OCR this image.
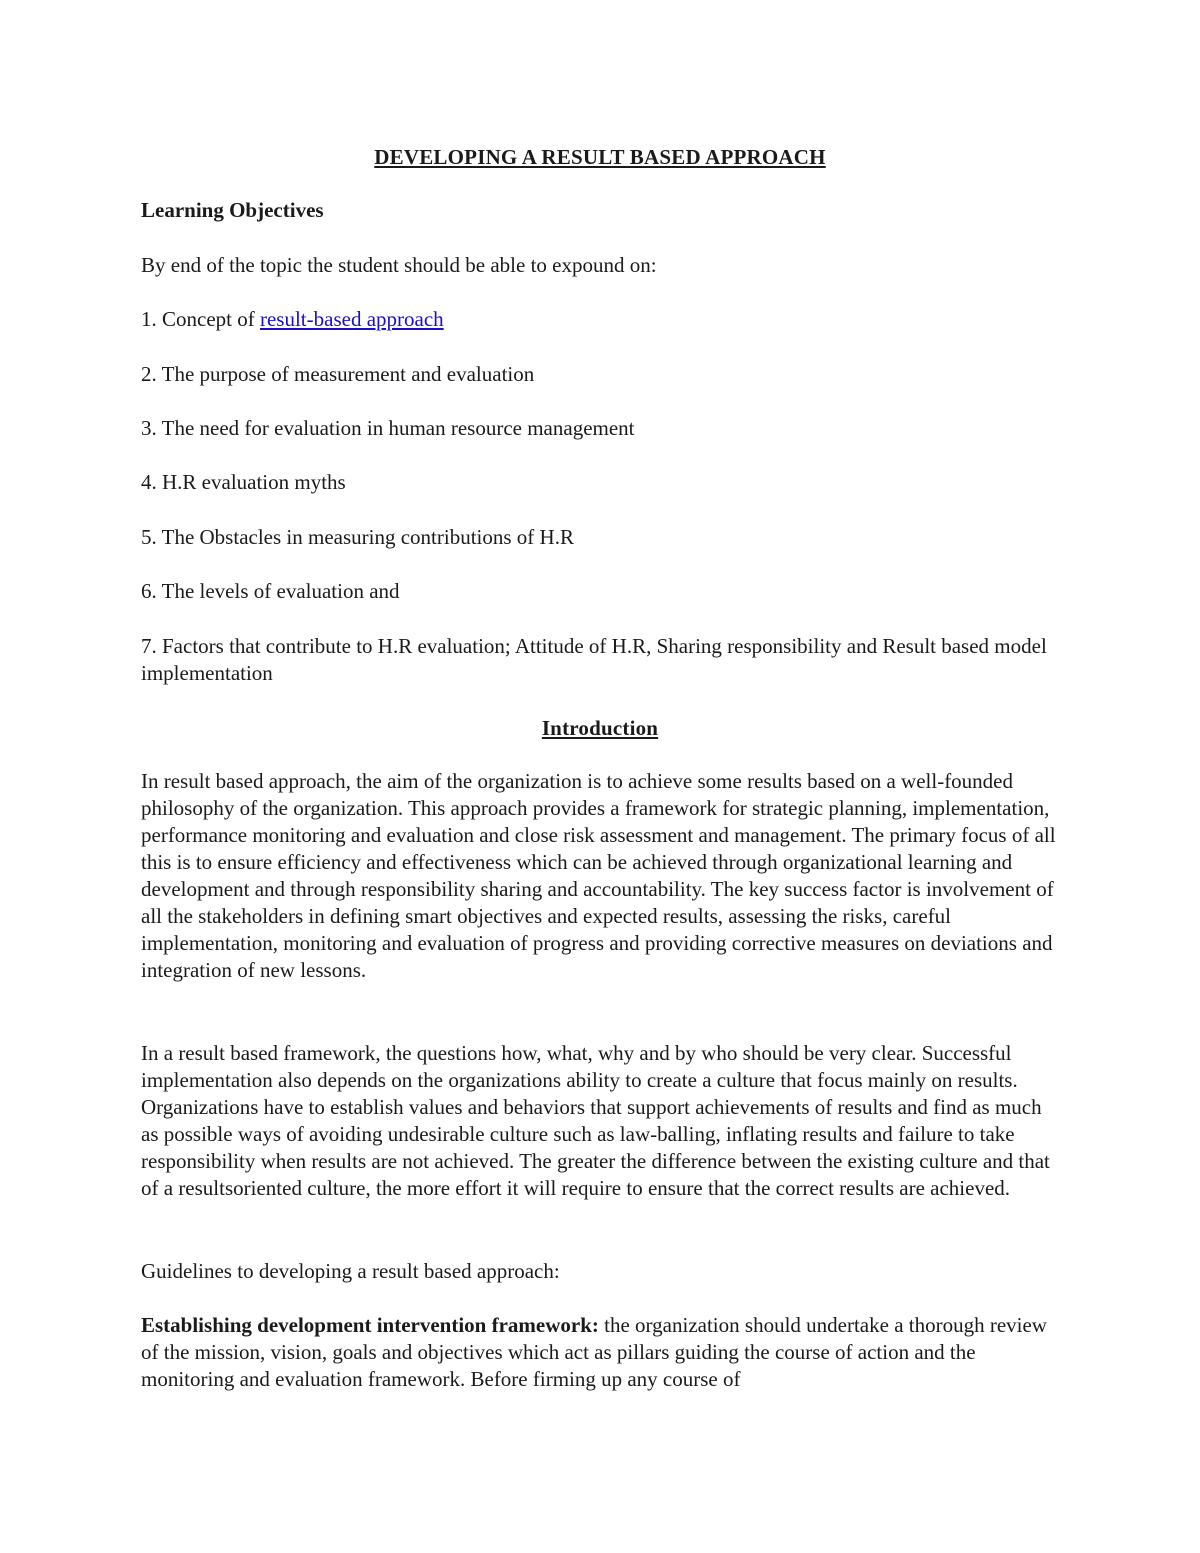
DEVELOPING A RESULT BASED APPROACH

Learning Objectives

By end of the topic the student should be able to expound on:

1. Concept of result-based approach

2. The purpose of measurement and evaluation

3. The need for evaluation in human resource management

4. H.R evaluation myths

5. The Obstacles in measuring contributions of H.R

6. The levels of evaluation and

7. Factors that contribute to H.R evaluation; Attitude of H.R, Sharing responsibility and Result based model implementation

Introduction

In result based approach, the aim of the organization is to achieve some results based on a well-founded philosophy of the organization. This approach provides a framework for strategic planning, implementation, performance monitoring and evaluation and close risk assessment and management. The primary focus of all this is to ensure efficiency and effectiveness which can be achieved through organizational learning and development and through responsibility sharing and accountability. The key success factor is involvement of all the stakeholders in defining smart objectives and expected results, assessing the risks, careful implementation, monitoring and evaluation of progress and providing corrective measures on deviations and integration of new lessons.

In a result based framework, the questions how, what, why and by who should be very clear. Successful implementation also depends on the organizations ability to create a culture that focus mainly on results. Organizations have to establish values and behaviors that support achievements of results and find as much as possible ways of avoiding undesirable culture such as law-balling, inflating results and failure to take responsibility when results are not achieved. The greater the difference between the existing culture and that of a resultsoriented culture, the more effort it will require to ensure that the correct results are achieved.

Guidelines to developing a result based approach:

Establishing development intervention framework: the organization should undertake a thorough review of the mission, vision, goals and objectives which act as pillars guiding the course of action and the monitoring and evaluation framework. Before firming up any course of
